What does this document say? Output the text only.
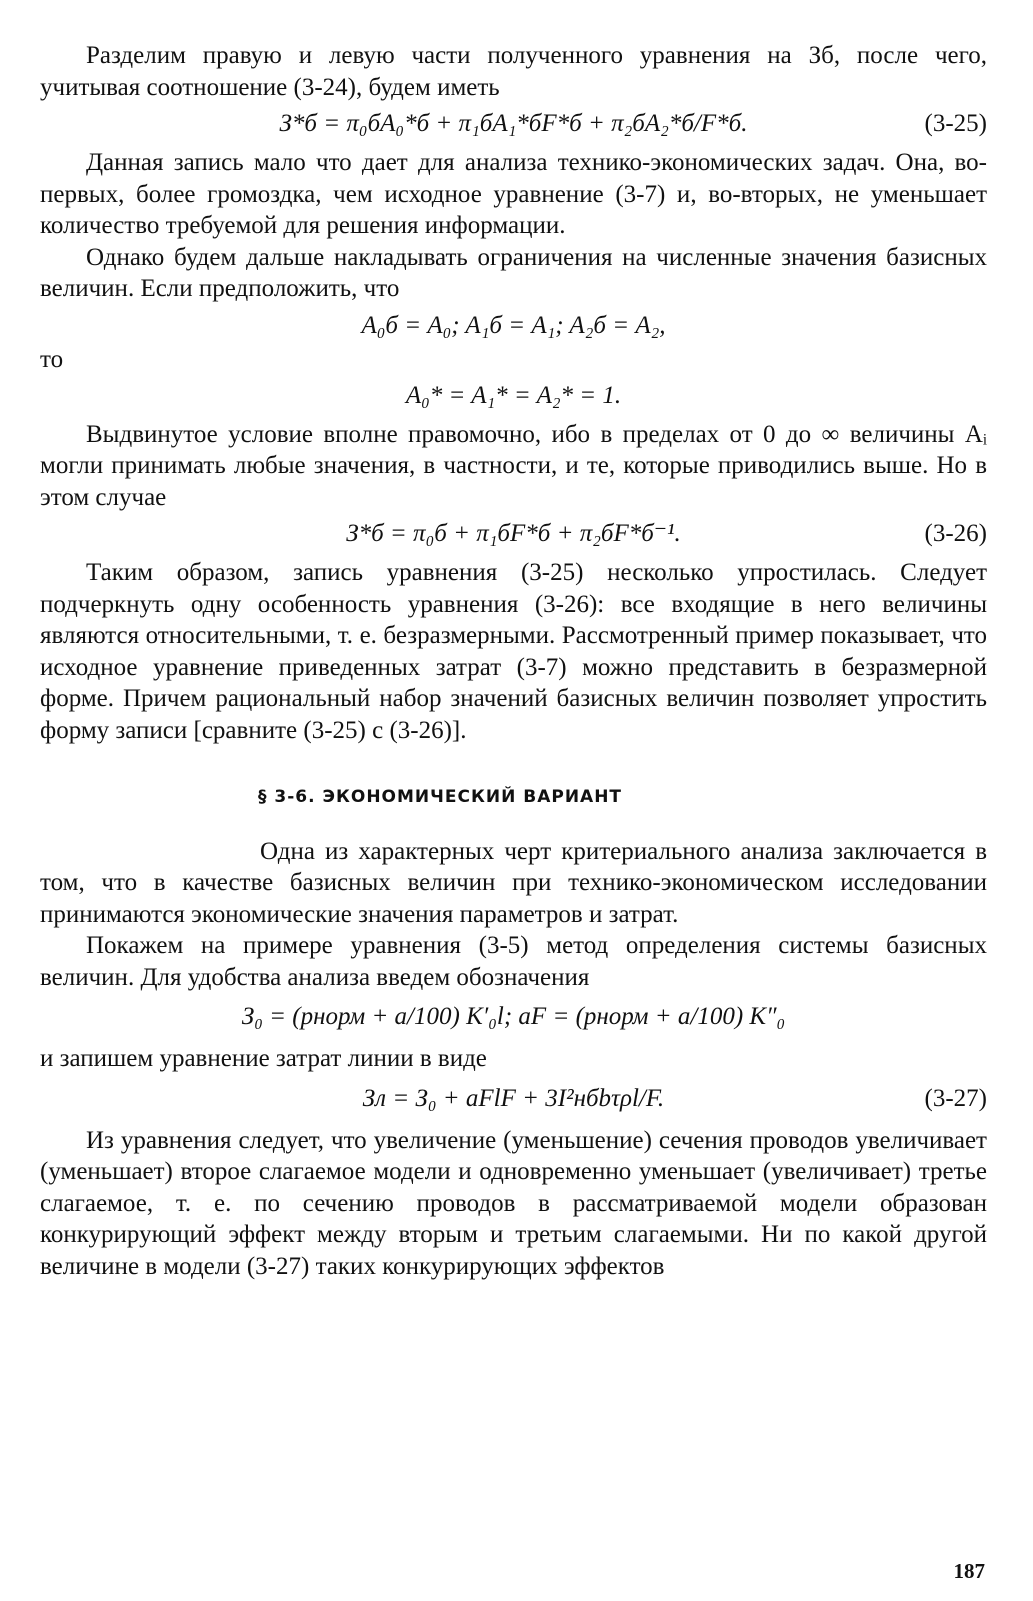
Разделим правую и левую части полученного уравнения на Зб, после чего, учитывая соотношение (3-24), будем иметь

З*б = π₀бA₀*б + π₁бA₁*бF*б + π₂бA₂*б/F*б.	(3-25)

Данная запись мало что дает для анализа технико-экономических задач. Она, во-первых, более громоздка, чем исходное уравнение (3-7) и, во-вторых, не уменьшает количество требуемой для решения информации.

Однако будем дальше накладывать ограничения на численные значения базисных величин. Если предположить, что

A₀б = A₀; A₁б = A₁; A₂б = A₂,

то

A₀* = A₁* = A₂* = 1.

Выдвинутое условие вполне правомочно, ибо в пределах от 0 до ∞ величины Aᵢ могли принимать любые значения, в частности, и те, которые приводились выше. Но в этом случае

З*б = π₀б + π₁бF*б + π₂бF*б⁻¹.	(3-26)

Таким образом, запись уравнения (3-25) несколько упростилась. Следует подчеркнуть одну особенность уравнения (3-26): все входящие в него величины являются относительными, т. е. безразмерными. Рассмотренный пример показывает, что исходное уравнение приведенных затрат (3-7) можно представить в безразмерной форме. Причем рациональный набор значений базисных величин позволяет упростить форму записи [сравните (3-25) с (3-26)].

§ 3-6. ЭКОНОМИЧЕСКИЙ ВАРИАНТ

Одна из характерных черт критериального анализа заключается в том, что в качестве базисных величин при технико-экономическом исследовании принимаются экономические значения параметров и затрат.

Покажем на примере уравнения (3-5) метод определения системы базисных величин. Для удобства анализа введем обозначения

З₀ = (pнорм + a/100) K′₀l; aF = (pнорм + a/100) K″₀

и запишем уравнение затрат линии в виде

Зл = З₀ + aFlF + 3I²нбbτρl/F.	(3-27)

Из уравнения следует, что увеличение (уменьшение) сечения проводов увеличивает (уменьшает) второе слагаемое модели и одновременно уменьшает (увеличивает) третье слагаемое, т. е. по сечению проводов в рассматриваемой модели образован конкурирующий эффект между вторым и третьим слагаемыми. Ни по какой другой величине в модели (3-27) таких конкурирующих эффектов

187
